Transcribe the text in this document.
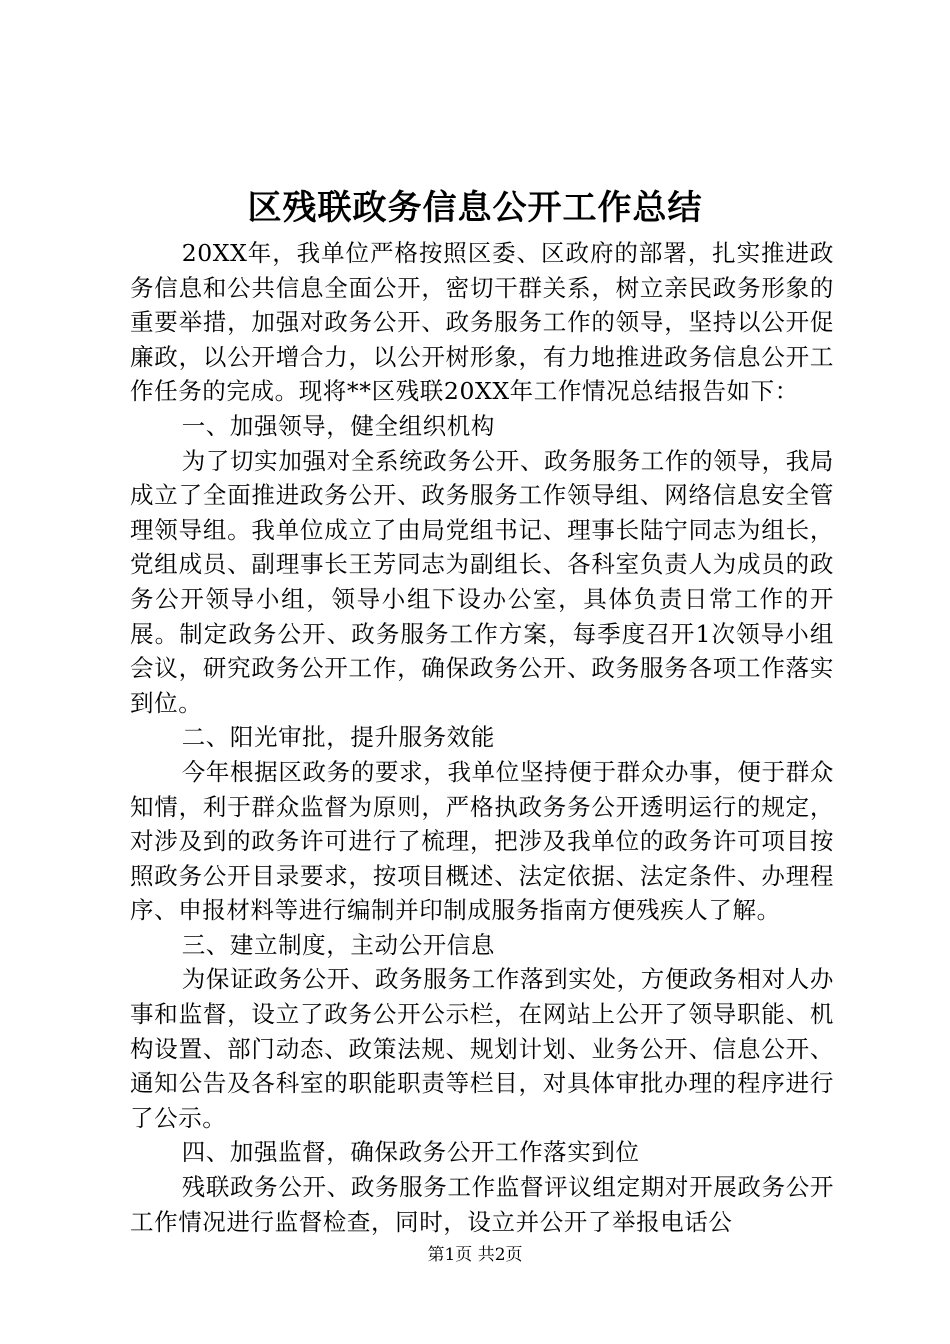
区残联政务信息公开工作总结

20XX年，我单位严格按照区委、区政府的部署，扎实推进政务信息和公共信息全面公开，密切干群关系，树立亲民政务形象的重要举措，加强对政务公开、政务服务工作的领导，坚持以公开促廉政，以公开增合力，以公开树形象，有力地推进政务信息公开工作任务的完成。现将**区残联20XX年工作情况总结报告如下：

一、加强领导，健全组织机构

为了切实加强对全系统政务公开、政务服务工作的领导，我局成立了全面推进政务公开、政务服务工作领导组、网络信息安全管理领导组。我单位成立了由局党组书记、理事长陆宁同志为组长，党组成员、副理事长王芳同志为副组长、各科室负责人为成员的政务公开领导小组，领导小组下设办公室，具体负责日常工作的开展。制定政务公开、政务服务工作方案，每季度召开1次领导小组会议，研究政务公开工作，确保政务公开、政务服务各项工作落实到位。

二、阳光审批，提升服务效能

今年根据区政务的要求，我单位坚持便于群众办事，便于群众知情，利于群众监督为原则，严格执政务务公开透明运行的规定，对涉及到的政务许可进行了梳理，把涉及我单位的政务许可项目按照政务公开目录要求，按项目概述、法定依据、法定条件、办理程序、申报材料等进行编制并印制成服务指南方便残疾人了解。

三、建立制度，主动公开信息

为保证政务公开、政务服务工作落到实处，方便政务相对人办事和监督，设立了政务公开公示栏，在网站上公开了领导职能、机构设置、部门动态、政策法规、规划计划、业务公开、信息公开、通知公告及各科室的职能职责等栏目，对具体审批办理的程序进行了公示。

四、加强监督，确保政务公开工作落实到位

残联政务公开、政务服务工作监督评议组定期对开展政务公开工作情况进行监督检查，同时，设立并公开了举报电话公

第1页 共2页
